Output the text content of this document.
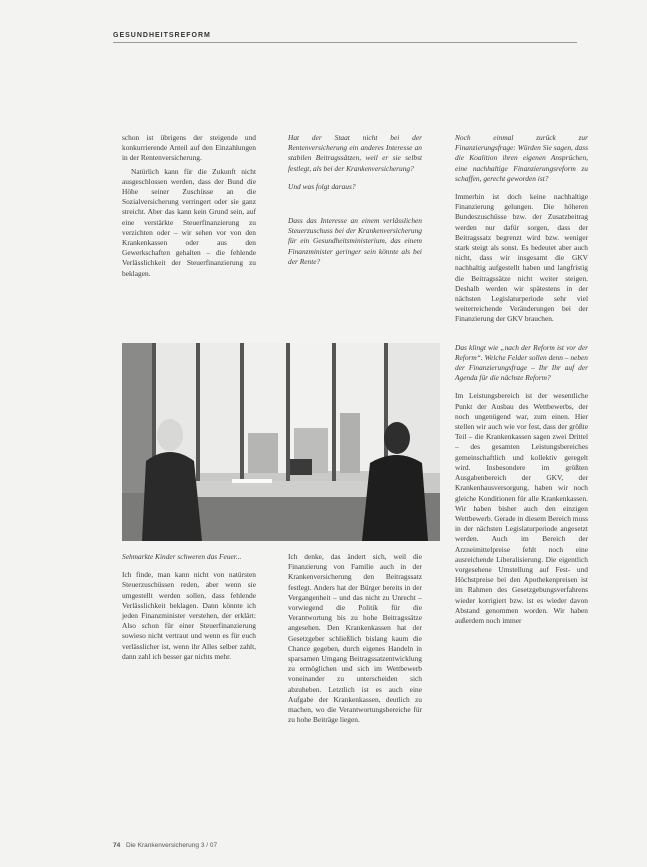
GESUNDHEITSREFORM

schon ist übrigens der steigende und konkurrierende Anteil auf den Einzahlungen in der Rentenversicherung.

Natürlich kann für die Zukunft nicht ausgeschlossen werden, dass der Bund die Höhe seiner Zuschüsse an die Sozialversicherung verringert oder sie ganz streicht. Aber das kann kein Grund sein, auf eine verstärkte Steuerfinanzierung zu verzichten oder – wir sehen vor von den Krankenkassen oder aus den Gewerkschaften gehalten – die fehlende Verlässlichkeit der Steuerfinanzierung zu beklagen.

Hat der Staat nicht bei der Rentenversicherung ein anderes Interesse an stabilen Beitragssätzen, weil er sie selbst festlegt, als bei der Krankenversicherung?

Und was folgt daraus?

Dass das Interesse an einem verlässlichen Steuerzuschuss bei der Krankenversicherung für ein Gesundheitsministerium, das einem Finanzminister geringer sein könnte als bei der Rente?

Noch einmal zurück zur Finanzierungsfrage: Würden Sie sagen, dass die Koalition ihren eigenen Ansprüchen, eine nachhaltige Finanzierungsreform zu schaffen, gerecht geworden ist?

Immerhin ist doch keine nachhaltige Finanzierung gelungen. Die höheren Bundeszuschüsse bzw. der Zusatzbeitrag werden nur dafür sorgen, dass der Beitragssatz begrenzt wird bzw. weniger stark steigt als sonst. Es bedeutet aber auch nicht, dass wir insgesamt die GKV nachhaltig aufgestellt haben und langfristig die Beitragssätze nicht weiter steigen. Deshalb werden wir spätestens in der nächsten Legislaturperiode sehr viel weiterreichende Veränderungen bei der Finanzierung der GKV brauchen.

Das klingt wie „nach der Reform ist vor der Reform“. Welche Felder sollen denn – neben der Finanzierungsfrage – Ihr Ihr auf der Agenda für die nächste Reform?

Im Leistungsbereich ist der wesentliche Punkt der Ausbau des Wettbewerbs, der noch ungenügend war, zum einen. Hier stellen wir auch wie vor fest, dass der größte Teil – die Krankenkassen sagen zwei Drittel – des gesamten Leistungsbereiches gemeinschaftlich und kollektiv geregelt wird. Insbesondere im größten Ausgabenbereich der GKV, der Krankenhausversorgung, haben wir noch gleiche Konditionen für alle Krankenkassen. Wir haben bisher auch den einzigen Wettbewerb. Gerade in diesem Bereich muss in der nächsten Legislaturperiode angesetzt werden. Auch im Bereich der Arzneimittelpreise fehlt noch eine ausreichende Liberalisierung. Die eigentlich vorgesehene Umstellung auf Fest- und Höchstpreise bei den Apothekenpreisen ist im Rahmen des Gesetzgebungsverfahrens wieder korrigiert bzw. ist es wieder davon Abstand genommen worden. Wir haben außerdem noch immer

Sehmarkte Kinder schweren das Feuer...

Ich finde, man kann nicht von natürsten Steuerzuschüssen reden, aber wenn sie umgestellt werden sollen, dass fehlende Verlässlichkeit beklagen. Dann könnte ich jeden Finanzminister verstehen, der erklärt: Also schon für einer Steuerfinanzierung sowieso nicht vertraut und wenn es für euch verlässlicher ist, wenn ihr Alles selber zahlt, dann zahl ich besser gar nichts mehr.

Ich denke, das ändert sich, weil die Finanzierung von Familie auch in der Krankenversicherung den Beitragssatz festlegt. Anders hat der Bürger bereits in der Vergangenheit – und das nicht zu Unrecht – vorwiegend die Politik für die Verantwortung bis zu hohe Beitragssätze angesehen. Den Krankenkassen hat der Gesetzgeber schließlich bislang kaum die Chance gegeben, durch eigenes Handeln in sparsamen Umgang Beitragssatzentwicklung zu ermöglichen und sich im Wettbewerb voneinander zu unterscheiden sich abzuheben. Letztlich ist es auch eine Aufgabe der Krankenkassen, deutlich zu machen, wo die Verantwortungsbereiche für zu hohe Beiträge liegen.

74 Die Krankenversicherung 3 / 07
